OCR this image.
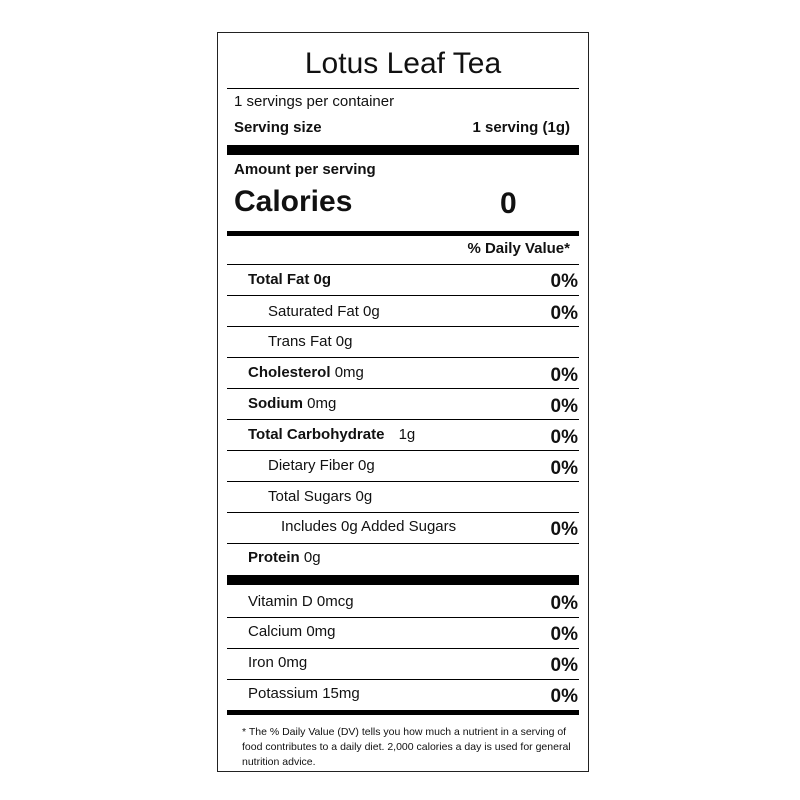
Lotus Leaf Tea
1 servings per container
Serving size	1 serving (1g)
Amount per serving
Calories	0
% Daily Value*
Total Fat 0g	0%
Saturated Fat 0g	0%
Trans Fat 0g
Cholesterol 0mg	0%
Sodium 0mg	0%
Total Carbohydrate 1g	0%
Dietary Fiber 0g	0%
Total Sugars 0g
Includes 0g Added Sugars	0%
Protein 0g
Vitamin D 0mcg	0%
Calcium 0mg	0%
Iron 0mg	0%
Potassium 15mg	0%
* The % Daily Value (DV) tells you how much a nutrient in a serving of food contributes to a daily diet. 2,000 calories a day is used for general nutrition advice.
